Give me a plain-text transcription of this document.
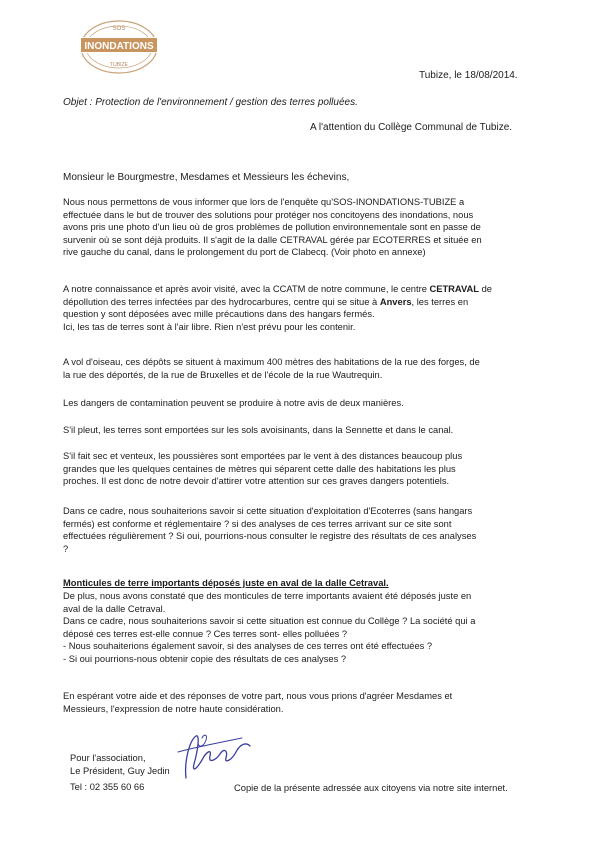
INONDATIONS
SOS
TUBIZE
Tubize, le 18/08/2014.
Objet : Protection de l'environnement / gestion des terres polluées.
A l'attention du Collège Communal de Tubize.
Monsieur le Bourgmestre, Mesdames et Messieurs les échevins,
Nous nous permettons de vous informer que lors de l'enquête qu'SOS-INONDATIONS-TUBIZE a
effectuée dans le but de trouver des solutions pour protéger nos concitoyens des inondations, nous
avons pris une photo d'un lieu où de gros problèmes de pollution environnementale sont en passe de
survenir où se sont déjà produits. Il s'agit de la dalle CETRAVAL gérée par ECOTERRES et située en
rive gauche du canal, dans le prolongement du port de Clabecq. (Voir photo en annexe)
A notre connaissance et après avoir visité, avec la CCATM de notre commune, le centre CETRAVAL de
dépollution des terres infectées par des hydrocarbures, centre qui se situe à Anvers, les terres en
question y sont déposées avec mille précautions dans des hangars fermés.
Ici, les tas de terres sont à l'air libre. Rien n'est prévu pour les contenir.
A vol d'oiseau, ces dépôts se situent à maximum 400 mètres des habitations de la rue des forges, de
la rue des déportés, de la rue de Bruxelles et de l'école de la rue Wautrequin.
Les dangers de contamination peuvent se produire à notre avis de deux manières.
S'il pleut, les terres sont emportées sur les sols avoisinants, dans la Sennette et dans le canal.
S'il fait sec et venteux, les poussières sont emportées par le vent à des distances beaucoup plus
grandes que les quelques centaines de mètres qui séparent cette dalle des habitations les plus
proches. Il est donc de notre devoir d'attirer votre attention sur ces graves dangers potentiels.
Dans ce cadre, nous souhaiterions savoir si cette situation d'exploitation d'Ecoterres (sans hangars
fermés) est conforme et réglementaire ? si des analyses de ces terres arrivant sur ce site sont
effectuées régulièrement ? Si oui, pourrions-nous consulter le registre des résultats de ces analyses
?
Monticules de terre importants déposés juste en aval de la dalle Cetraval.
De plus, nous avons constaté que des monticules de terre importants avaient été déposés juste en
aval de la dalle Cetraval.
Dans ce cadre, nous souhaiterions savoir si cette situation est connue du Collège ? La société qui a
déposé ces terres est-elle connue ? Ces terres sont- elles polluées ?
- Nous souhaiterions également savoir, si des analyses de ces terres ont été effectuées ?
- Si oui pourrions-nous obtenir copie des résultats de ces analyses ?
En espérant votre aide et des réponses de votre part, nous vous prions d'agréer Mesdames et
Messieurs, l'expression de notre haute considération.
Pour l'association,
Le Président, Guy Jedin
Tel : 02 355 60 66	Copie de la présente adressée aux citoyens via notre site internet.
